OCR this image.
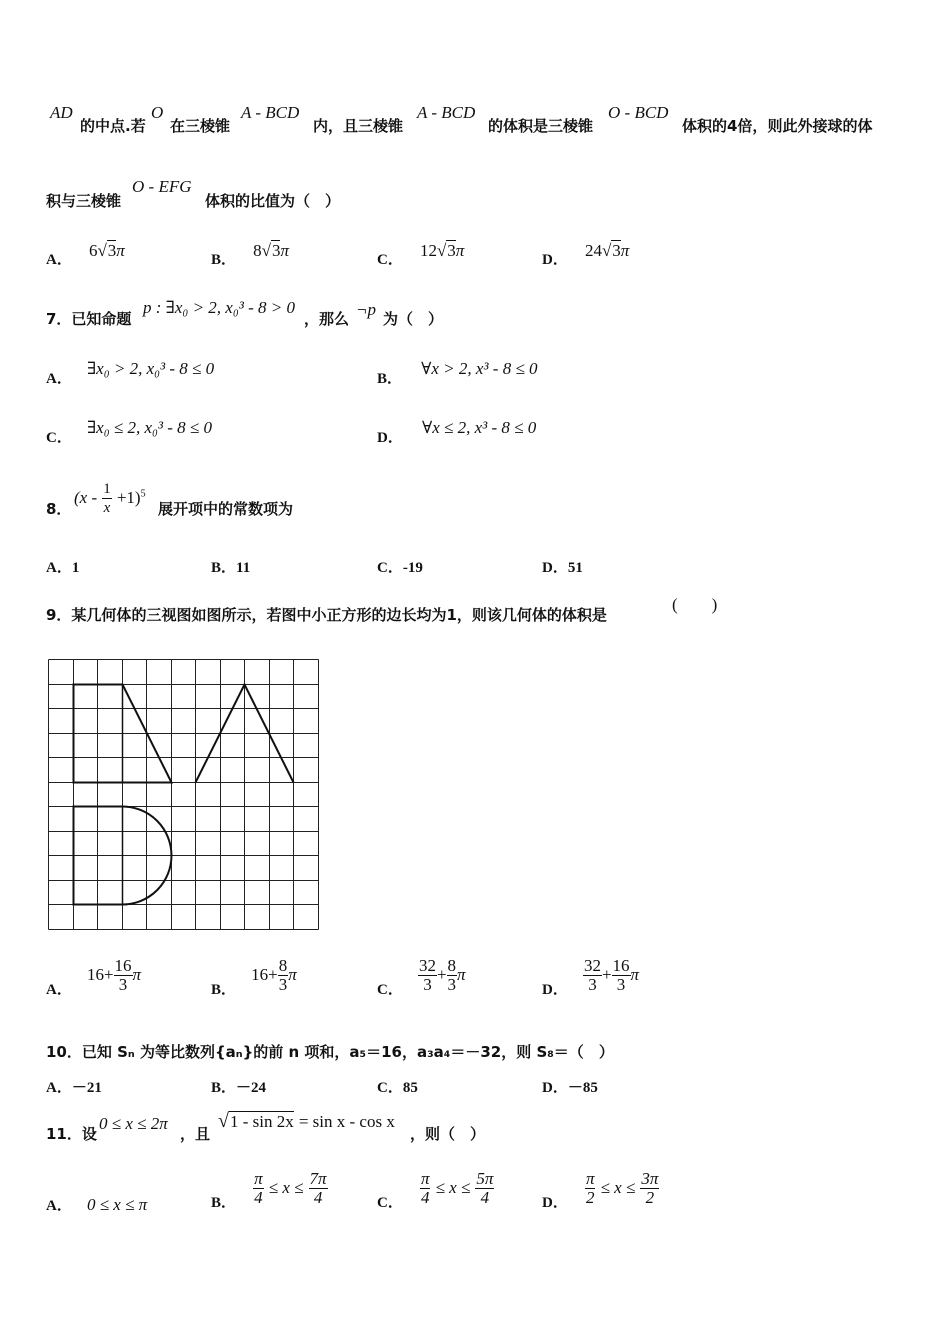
AD
的中点.若
O
在三棱锥
A - BCD
内，且三棱锥
A - BCD
的体积是三棱锥
O - BCD
体积的4倍，则此外接球的体
积与三棱锥
O - EFG
体积的比值为（　）
A． 6√3π	B． 8√3π	C． 12√3π	D． 24√3π
7．已知命题
p : ∃x₀ > 2, x₀³ - 8 > 0
，那么 ¬p 为（　）
A． ∃x₀ > 2, x₀³ - 8 ≤ 0
B． ∀x > 2, x³ - 8 ≤ 0
C． ∃x₀ ≤ 2, x₀³ - 8 ≤ 0
D． ∀x ≤ 2, x³ - 8 ≤ 0
8．
$(x - \frac{1}{x} +1)^5$
展开项中的常数项为
A．1	B．11	C．-19	D．51
9．某几何体的三视图如图所示，若图中小正方形的边长均为1，则该几何体的体积是
(　　)
A． $16+ \frac{16}{3}$ π
B． $16+ \frac{8}{3}$ π
C． $\frac{32}{3} + \frac{8}{3}$ π
D． $\frac{32}{3} + \frac{16}{3}$ π
10．已知 Sₙ 为等比数列{aₙ}的前 n 项和，a₅＝16，a₃a₄＝－32，则 S₈＝（　）
A．－21	B．－24	C．85	D．－85
11．设
0 ≤ x ≤ 2π
，且
√1 - sin 2x = sin x - cos x
，则（　）
A． 0 ≤ x ≤ π	B． $\frac{\pi}{4} \le x \le \frac{7\pi}{4}$	C． $\frac{\pi}{4} \le x \le \frac{5\pi}{4}$	D． $\frac{\pi}{2} \le x \le \frac{3\pi}{2}$
